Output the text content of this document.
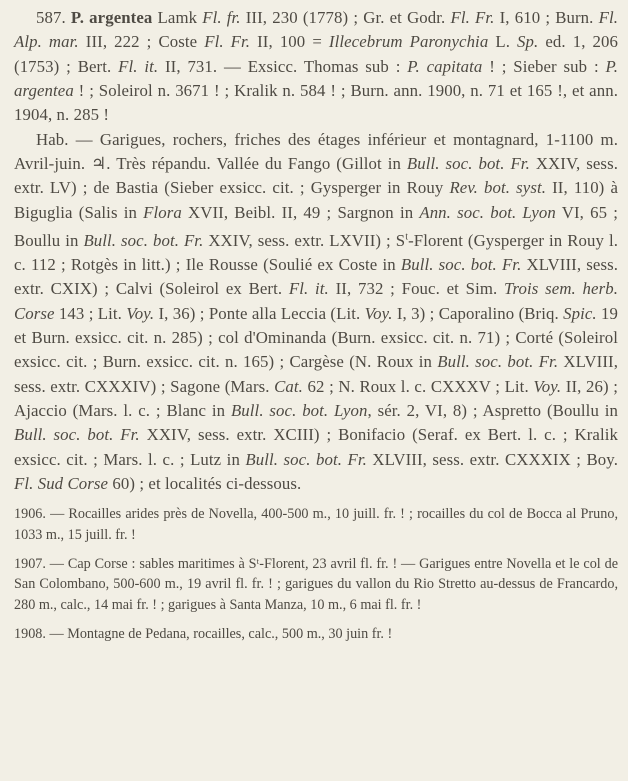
587. P. argentea Lamk Fl. fr. III, 230 (1778) ; Gr. et Godr. Fl. Fr. I, 610 ; Burn. Fl. Alp. mar. III, 222 ; Coste Fl. Fr. II, 100 = Illecebrum Paronychia L. Sp. ed. 1, 206 (1753) ; Bert. Fl. it. II, 731. — Exsicc. Thomas sub : P. capitata ! ; Sieber sub : P. argentea ! ; Soleirol n. 3671 ! ; Kralik n. 584 ! ; Burn. ann. 1900, n. 71 et 165 !, et ann. 1904, n. 285 !

Hab. — Garigues, rochers, friches des étages inférieur et montagnard, 1-1100 m. Avril-juin. ♃. Très répandu. Vallée du Fango (Gillot in Bull. soc. bot. Fr. XXIV, sess. extr. LV) ; de Bastia (Sieber exsicc. cit. ; Gysperger in Rouy Rev. bot. syst. II, 110) à Biguglia (Salis in Flora XVII, Beibl. II, 49 ; Sargnon in Ann. soc. bot. Lyon VI, 65 ; Boullu in Bull. soc. bot. Fr. XXIV, sess. extr. LXVII) ; $S^t$-Florent (Gysperger in Rouy l. c. 112 ; Rotgès in litt.) ; Ile Rousse (Soulié ex Coste in Bull. soc. bot. Fr. XLVIII, sess. extr. CXIX) ; Calvi (Soleirol ex Bert. Fl. it. II, 732 ; Fouc. et Sim. Trois sem. herb. Corse 143 ; Lit. Voy. I, 36) ; Ponte alla Leccia (Lit. Voy. I, 3) ; Caporalino (Briq. Spic. 19 et Burn. exsicc. cit. n. 285) ; col d'Ominanda (Burn. exsicc. cit. n. 71) ; Corté (Soleirol exsicc. cit. ; Burn. exsicc. cit. n. 165) ; Cargèse (N. Roux in Bull. soc. bot. Fr. XLVIII, sess. extr. CXXXIV) ; Sagone (Mars. Cat. 62 ; N. Roux l. c. CXXXV ; Lit. Voy. II, 26) ; Ajaccio (Mars. l. c. ; Blanc in Bull. soc. bot. Lyon, sér. 2, VI, 8) ; Aspretto (Boullu in Bull. soc. bot. Fr. XXIV, sess. extr. XCIII) ; Bonifacio (Seraf. ex Bert. l. c. ; Kralik exsicc. cit. ; Mars. l. c. ; Lutz in Bull. soc. bot. Fr. XLVIII, sess. extr. CXXXIX ; Boy. Fl. Sud Corse 60) ; et localités ci-dessous.

1906. — Rocailles arides près de Novella, 400-500 m., 10 juill. fr. ! ; rocailles du col de Bocca al Pruno, 1033 m., 15 juill. fr. !

1907. — Cap Corse : sables maritimes à Sᵗ-Florent, 23 avril fl. fr. ! — Garigues entre Novella et le col de San Colombano, 500-600 m., 19 avril fl. fr. ! ; garigues du vallon du Rio Stretto au-dessus de Francardo, 280 m., calc., 14 mai fr. ! ; garigues à Santa Manza, 10 m., 6 mai fl. fr. !

1908. — Montagne de Pedana, rocailles, calc., 500 m., 30 juin fr. !
